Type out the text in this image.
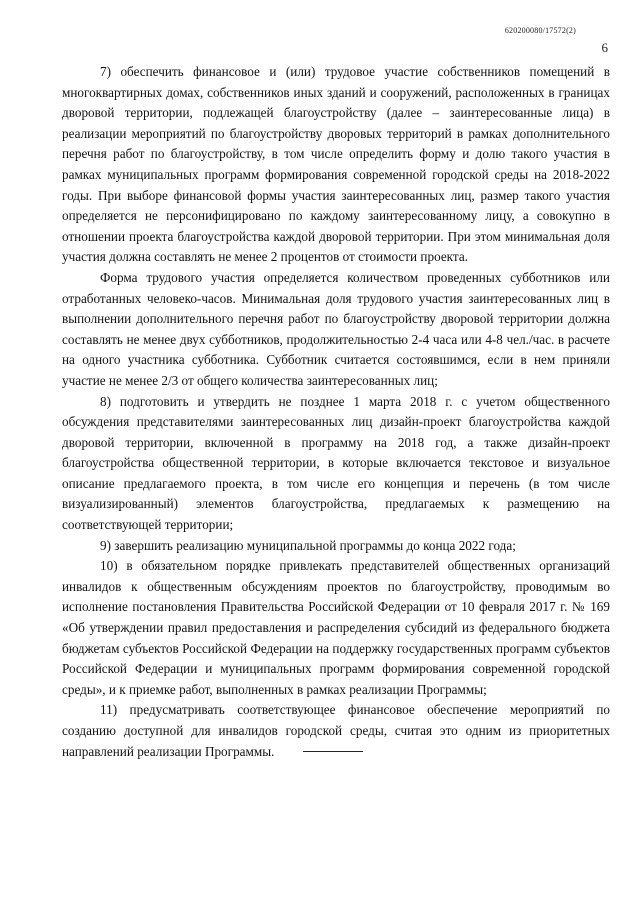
620200080/17572(2)
6

7) обеспечить финансовое и (или) трудовое участие собственников помещений в многоквартирных домах, собственников иных зданий и сооружений, расположенных в границах дворовой территории, подлежащей благоустройству (далее – заинтересованные лица) в реализации мероприятий по благоустройству дворовых территорий в рамках дополнительного перечня работ по благоустройству, в том числе определить форму и долю такого участия в рамках муниципальных программ формирования современной городской среды на 2018-2022 годы. При выборе финансовой формы участия заинтересованных лиц, размер такого участия определяется не персонифицировано по каждому заинтересованному лицу, а совокупно в отношении проекта благоустройства каждой дворовой территории. При этом минимальная доля участия должна составлять не менее 2 процентов от стоимости проекта.

Форма трудового участия определяется количеством проведенных субботников или отработанных человеко-часов. Минимальная доля трудового участия заинтересованных лиц в выполнении дополнительного перечня работ по благоустройству дворовой территории должна составлять не менее двух субботников, продолжительностью 2-4 часа или 4-8 чел./час. в расчете на одного участника субботника. Субботник считается состоявшимся, если в нем приняли участие не менее 2/3 от общего количества заинтересованных лиц;

8) подготовить и утвердить не позднее 1 марта 2018 г. с учетом общественного обсуждения представителями заинтересованных лиц дизайн-проект благоустройства каждой дворовой территории, включенной в программу на 2018 год, а также дизайн-проект благоустройства общественной территории, в которые включается текстовое и визуальное описание предлагаемого проекта, в том числе его концепция и перечень (в том числе визуализированный) элементов благоустройства, предлагаемых к размещению на соответствующей территории;

9) завершить реализацию муниципальной программы до конца 2022 года;

10) в обязательном порядке привлекать представителей общественных организаций инвалидов к общественным обсуждениям проектов по благоустройству, проводимым во исполнение постановления Правительства Российской Федерации от 10 февраля 2017 г. № 169 «Об утверждении правил предоставления и распределения субсидий из федерального бюджета бюджетам субъектов Российской Федерации на поддержку государственных программ субъектов Российской Федерации и муниципальных программ формирования современной городской среды», и к приемке работ, выполненных в рамках реализации Программы;

11) предусматривать соответствующее финансовое обеспечение мероприятий по созданию доступной для инвалидов городской среды, считая это одним из приоритетных направлений реализации Программы.
